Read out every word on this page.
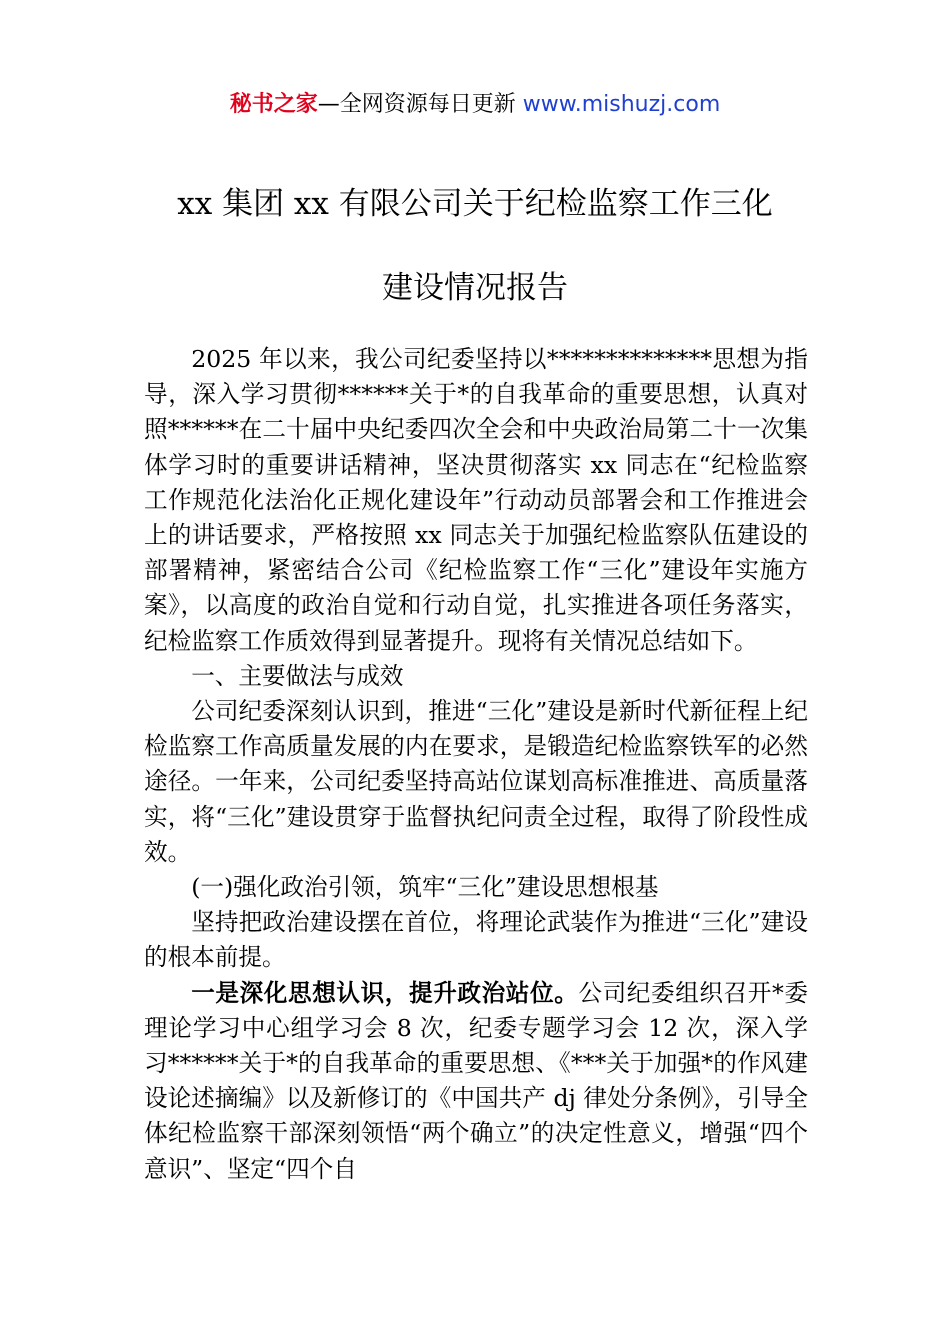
秘书之家—全网资源每日更新 www.mishuzj.com
xx 集团 xx 有限公司关于纪检监察工作三化
建设情况报告

2025 年以来，我公司纪委坚持以**************思想为指导，深入学习贯彻******关于*的自我革命的重要思想，认真对照******在二十届中央纪委四次全会和中央政治局第二十一次集体学习时的重要讲话精神，坚决贯彻落实 xx 同志在“纪检监察工作规范化法治化正规化建设年”行动动员部署会和工作推进会上的讲话要求，严格按照 xx 同志关于加强纪检监察队伍建设的部署精神，紧密结合公司《纪检监察工作“三化”建设年实施方案》，以高度的政治自觉和行动自觉，扎实推进各项任务落实，纪检监察工作质效得到显著提升。现将有关情况总结如下。

一、主要做法与成效

公司纪委深刻认识到，推进“三化”建设是新时代新征程上纪检监察工作高质量发展的内在要求，是锻造纪检监察铁军的必然途径。一年来，公司纪委坚持高站位谋划高标准推进、高质量落实，将“三化”建设贯穿于监督执纪问责全过程，取得了阶段性成效。

(一)强化政治引领，筑牢“三化”建设思想根基

坚持把政治建设摆在首位，将理论武装作为推进“三化”建设的根本前提。

一是深化思想认识，提升政治站位。公司纪委组织召开*委理论学习中心组学习会 8 次，纪委专题学习会 12 次，深入学习******关于*的自我革命的重要思想、《***关于加强*的作风建设论述摘编》以及新修订的《中国共产 dj 律处分条例》，引导全体纪检监察干部深刻领悟“两个确立”的决定性意义，增强“四个意识”、坚定“四个自
